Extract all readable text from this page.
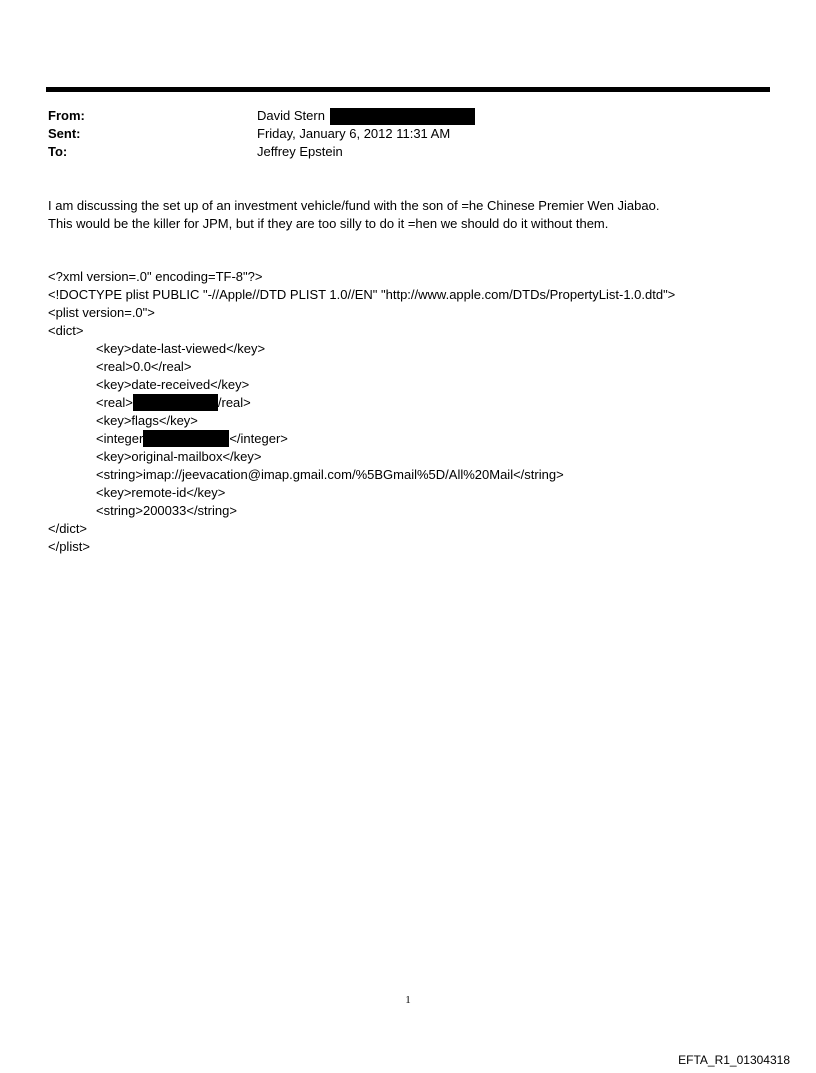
From:	David Stern
Sent:	Friday, January 6, 2012 11:31 AM
To:	Jeffrey Epstein

I am discussing the set up of an investment vehicle/fund with the son of =he Chinese Premier Wen Jiabao.

This would be the killer for JPM, but if they are too silly to do it =hen we should do it without them.

<?xml version=.0" encoding=TF-8"?>
<!DOCTYPE plist PUBLIC "-//Apple//DTD PLIST 1.0//EN" "http://www.apple.com/DTDs/PropertyList-1.0.dtd">
<plist version=.0">
<dict>
<key>date-last-viewed</key>
<real>0.0</real>
<key>date-received</key>
<real>	/real>
<key>flags</key>
<integer	</integer>
<key>original-mailbox</key>
<string>imap://jeevacation@imap.gmail.com/%5BGmail%5D/All%20Mail</string>
<key>remote-id</key>
<string>200033</string>
</dict>
</plist>
1
EFTA_R1_01304318
